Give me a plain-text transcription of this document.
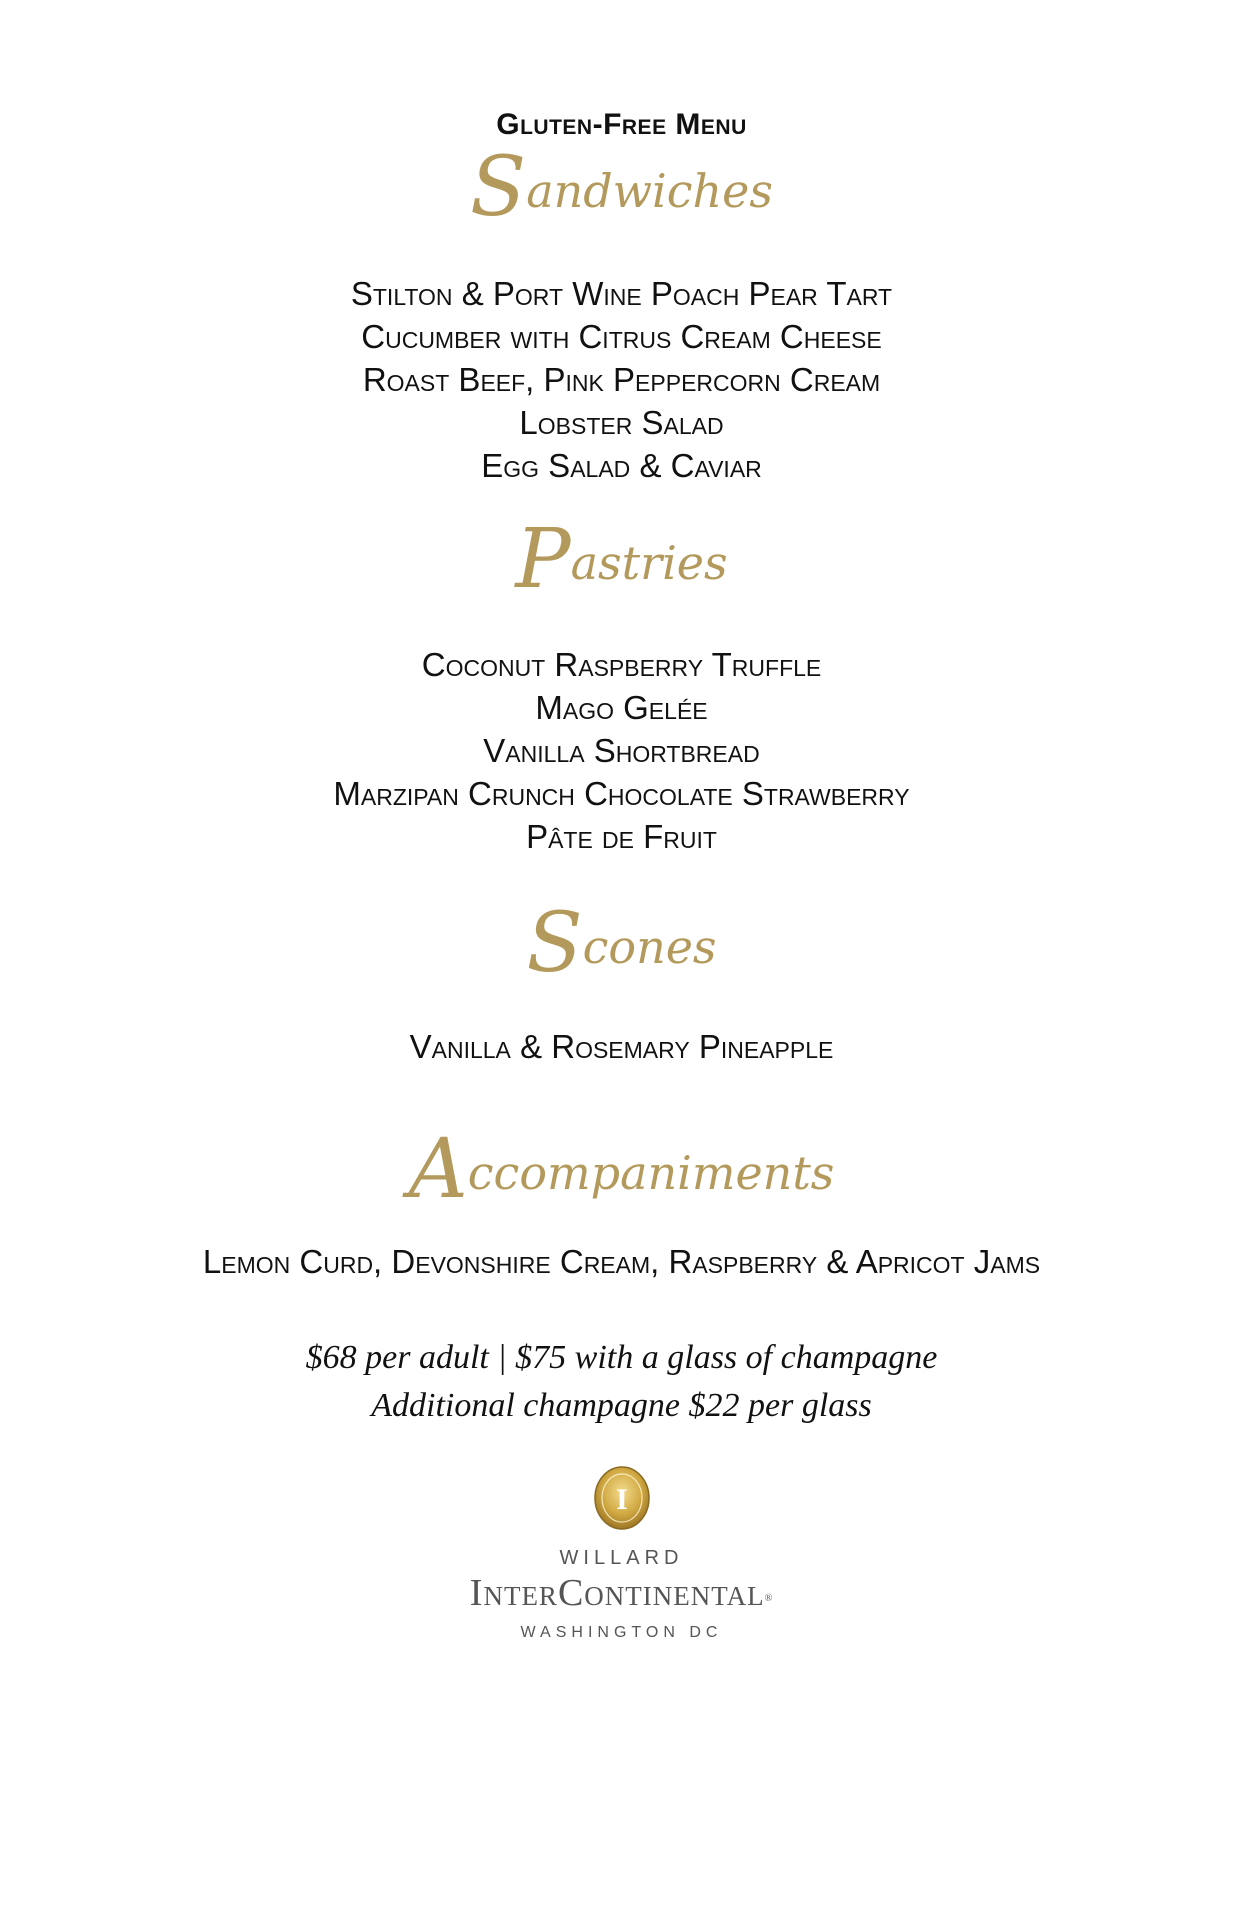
Gluten-Free Menu
Sandwiches
Stilton & Port Wine Poach Pear Tart
Cucumber with Citrus Cream Cheese
Roast Beef, Pink Peppercorn Cream
Lobster Salad
Egg Salad & Caviar
Pastries
Coconut Raspberry Truffle
Mago Gelée
Vanilla Shortbread
Marzipan Crunch Chocolate Strawberry
Pâte de Fruit
Scones
Vanilla & Rosemary Pineapple
Accompaniments
Lemon Curd, Devonshire Cream, Raspberry & Apricot Jams
$68 per adult | $75 with a glass of champagne
Additional champagne $22 per glass
I
WILLARD
InterContinental®
WASHINGTON DC
